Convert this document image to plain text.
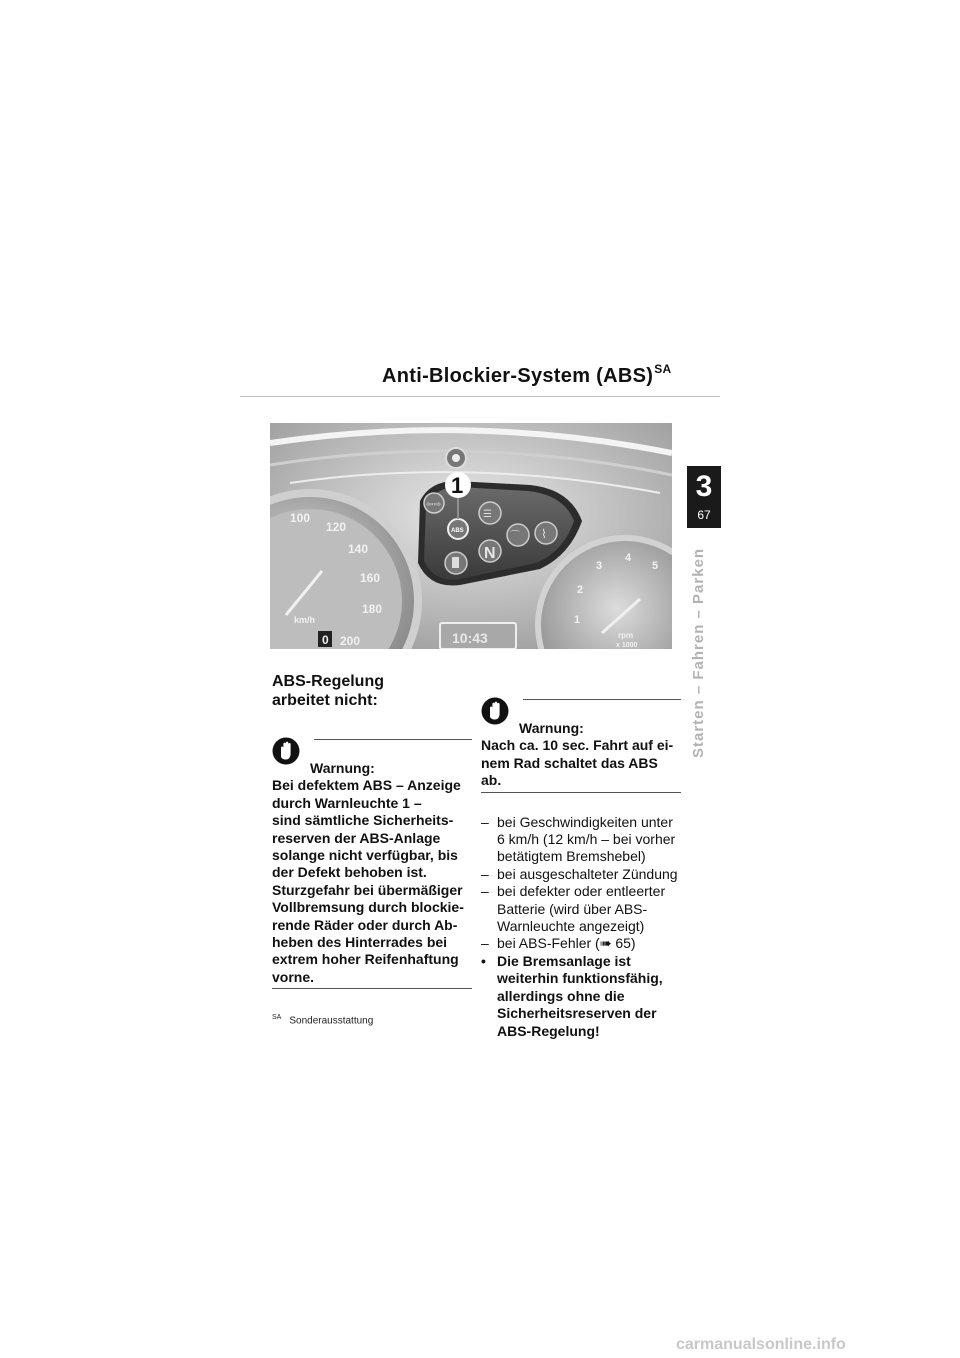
Anti-Blockier-System (ABS)$^{SA}$
3
67
Starten – Fahren – Parken
100
120
140
160
180
200
km/h
0
1
2
3
4
5
rpm
x 1000
10:43
⇦⇨
ABS
☰
N
⌒ ⌇
1

ABS-Regelung
arbeitet nicht:

Warnung:

Bei defektem ABS – Anzeige
durch Warnleuchte 1 –
sind sämtliche Sicherheits-
reserven der ABS-Anlage
solange nicht verfügbar, bis
der Defekt behoben ist.
Sturzgefahr bei übermäßiger
Vollbremsung durch blockie-
rende Räder oder durch Ab-
heben des Hinterrades bei
extrem hoher Reifenhaftung
vorne.

$^{SA}$ Sonderausstattung
Warnung:

Nach ca. 10 sec. Fahrt auf ei-
nem Rad schaltet das ABS ab.

– bei Geschwindigkeiten unter
6 km/h (12 km/h – bei vorher
betätigtem Bremshebel)
– bei ausgeschalteter Zündung
– bei defekter oder entleerter
Batterie (wird über ABS-
Warnleuchte angezeigt)
– bei ABS-Fehler (➠ 65)
• Die Bremsanlage ist
weiterhin funktionsfähig,
allerdings ohne die
Sicherheitsreserven der
ABS-Regelung!
carmanualsonline.info
